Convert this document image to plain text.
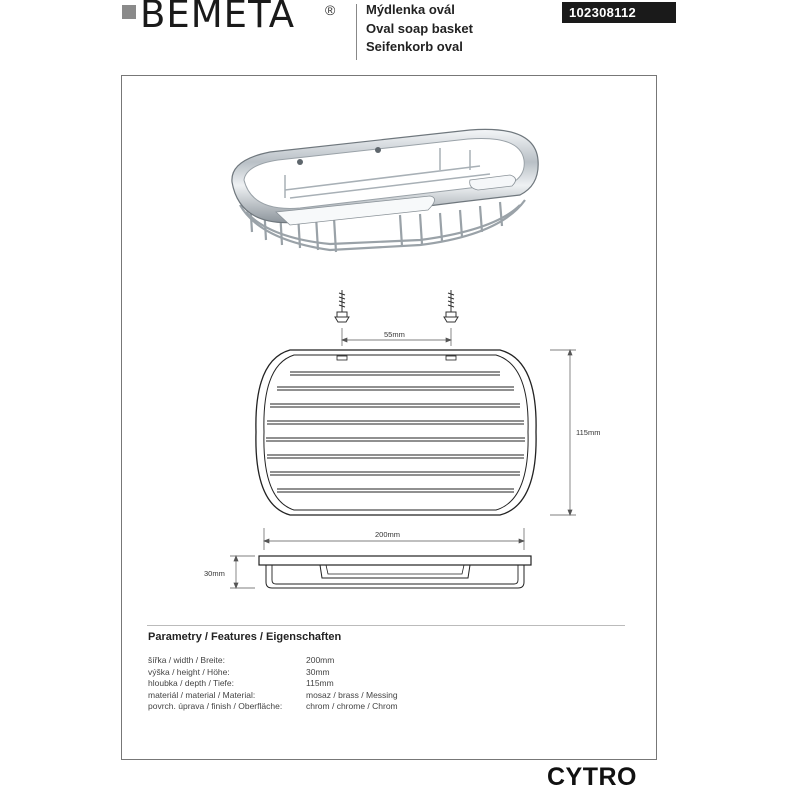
BEMETA ® Mýdlenka ovál
Oval soap basket
Seifenkorb oval
102308112
55mm
115mm
200mm
30mm
Parametry / Features / Eigenschaften
šířka / width / Breite:	200mm
výška / height / Höhe:	30mm
hloubka / depth / Tiefe:	115mm
materiál / material / Material:	mosaz / brass / Messing
povrch. úprava / finish / Oberfläche:	chrom / chrome / Chrom
CYTRO
